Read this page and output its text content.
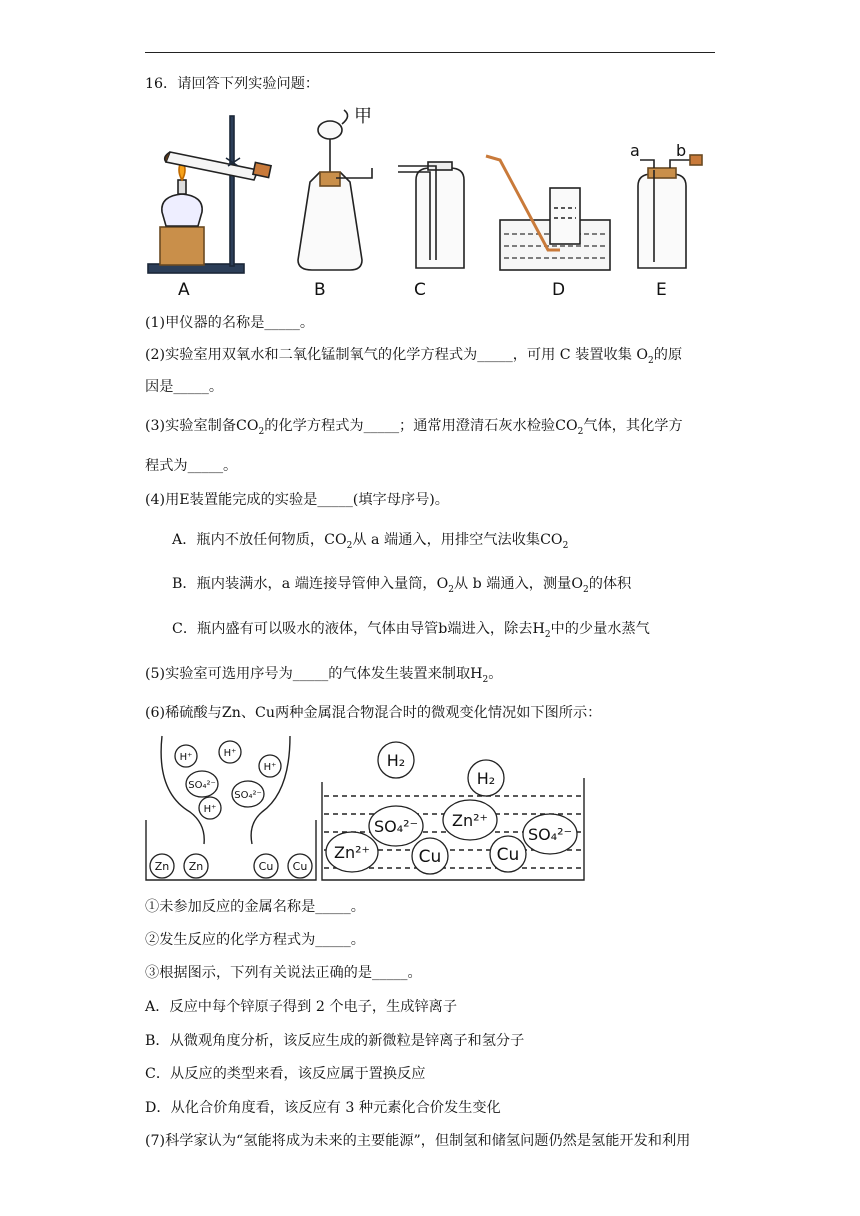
16．请回答下列实验问题：
甲
a b
A	B	C	D	E
(1)甲仪器的名称是_____。
(2)实验室用双氧水和二氧化锰制氧气的化学方程式为_____，可用 C 装置收集 $O_2$的原
因是_____。
(3)实验室制备$CO_2$的化学方程式为_____；通常用澄清石灰水检验$CO_2$气体，其化学方
程式为_____。
(4)用E装置能完成的实验是_____(填字母序号)。
A．瓶内不放任何物质，$CO_2$从 a 端通入，用排空气法收集$CO_2$
B．瓶内装满水，a 端连接导管伸入量筒，$O_2$从 b 端通入，测量$O_2$的体积
C．瓶内盛有可以吸水的液体，气体由导管b端进入，除去$H_2$中的少量水蒸气
(5)实验室可选用序号为_____的气体发生装置来制取$H_2$。
(6)稀硫酸与Zn、Cu两种金属混合物混合时的微观变化情况如下图所示：
H⁺	H⁺
H⁺
H⁺
SO₄²⁻
SO₄²⁻
Zn Zn	Cu Cu
H₂
H₂
SO₄²⁻ Zn²⁺
SO₄²⁻
Zn²⁺	Cu	Cu
①未参加反应的金属名称是_____。
②发生反应的化学方程式为_____。
③根据图示，下列有关说法正确的是_____。
A．反应中每个锌原子得到 2 个电子，生成锌离子
B．从微观角度分析，该反应生成的新微粒是锌离子和氢分子
C．从反应的类型来看，该反应属于置换反应
D．从化合价角度看，该反应有 3 种元素化合价发生变化
(7)科学家认为“氢能将成为未来的主要能源”，但制氢和储氢问题仍然是氢能开发和利用
